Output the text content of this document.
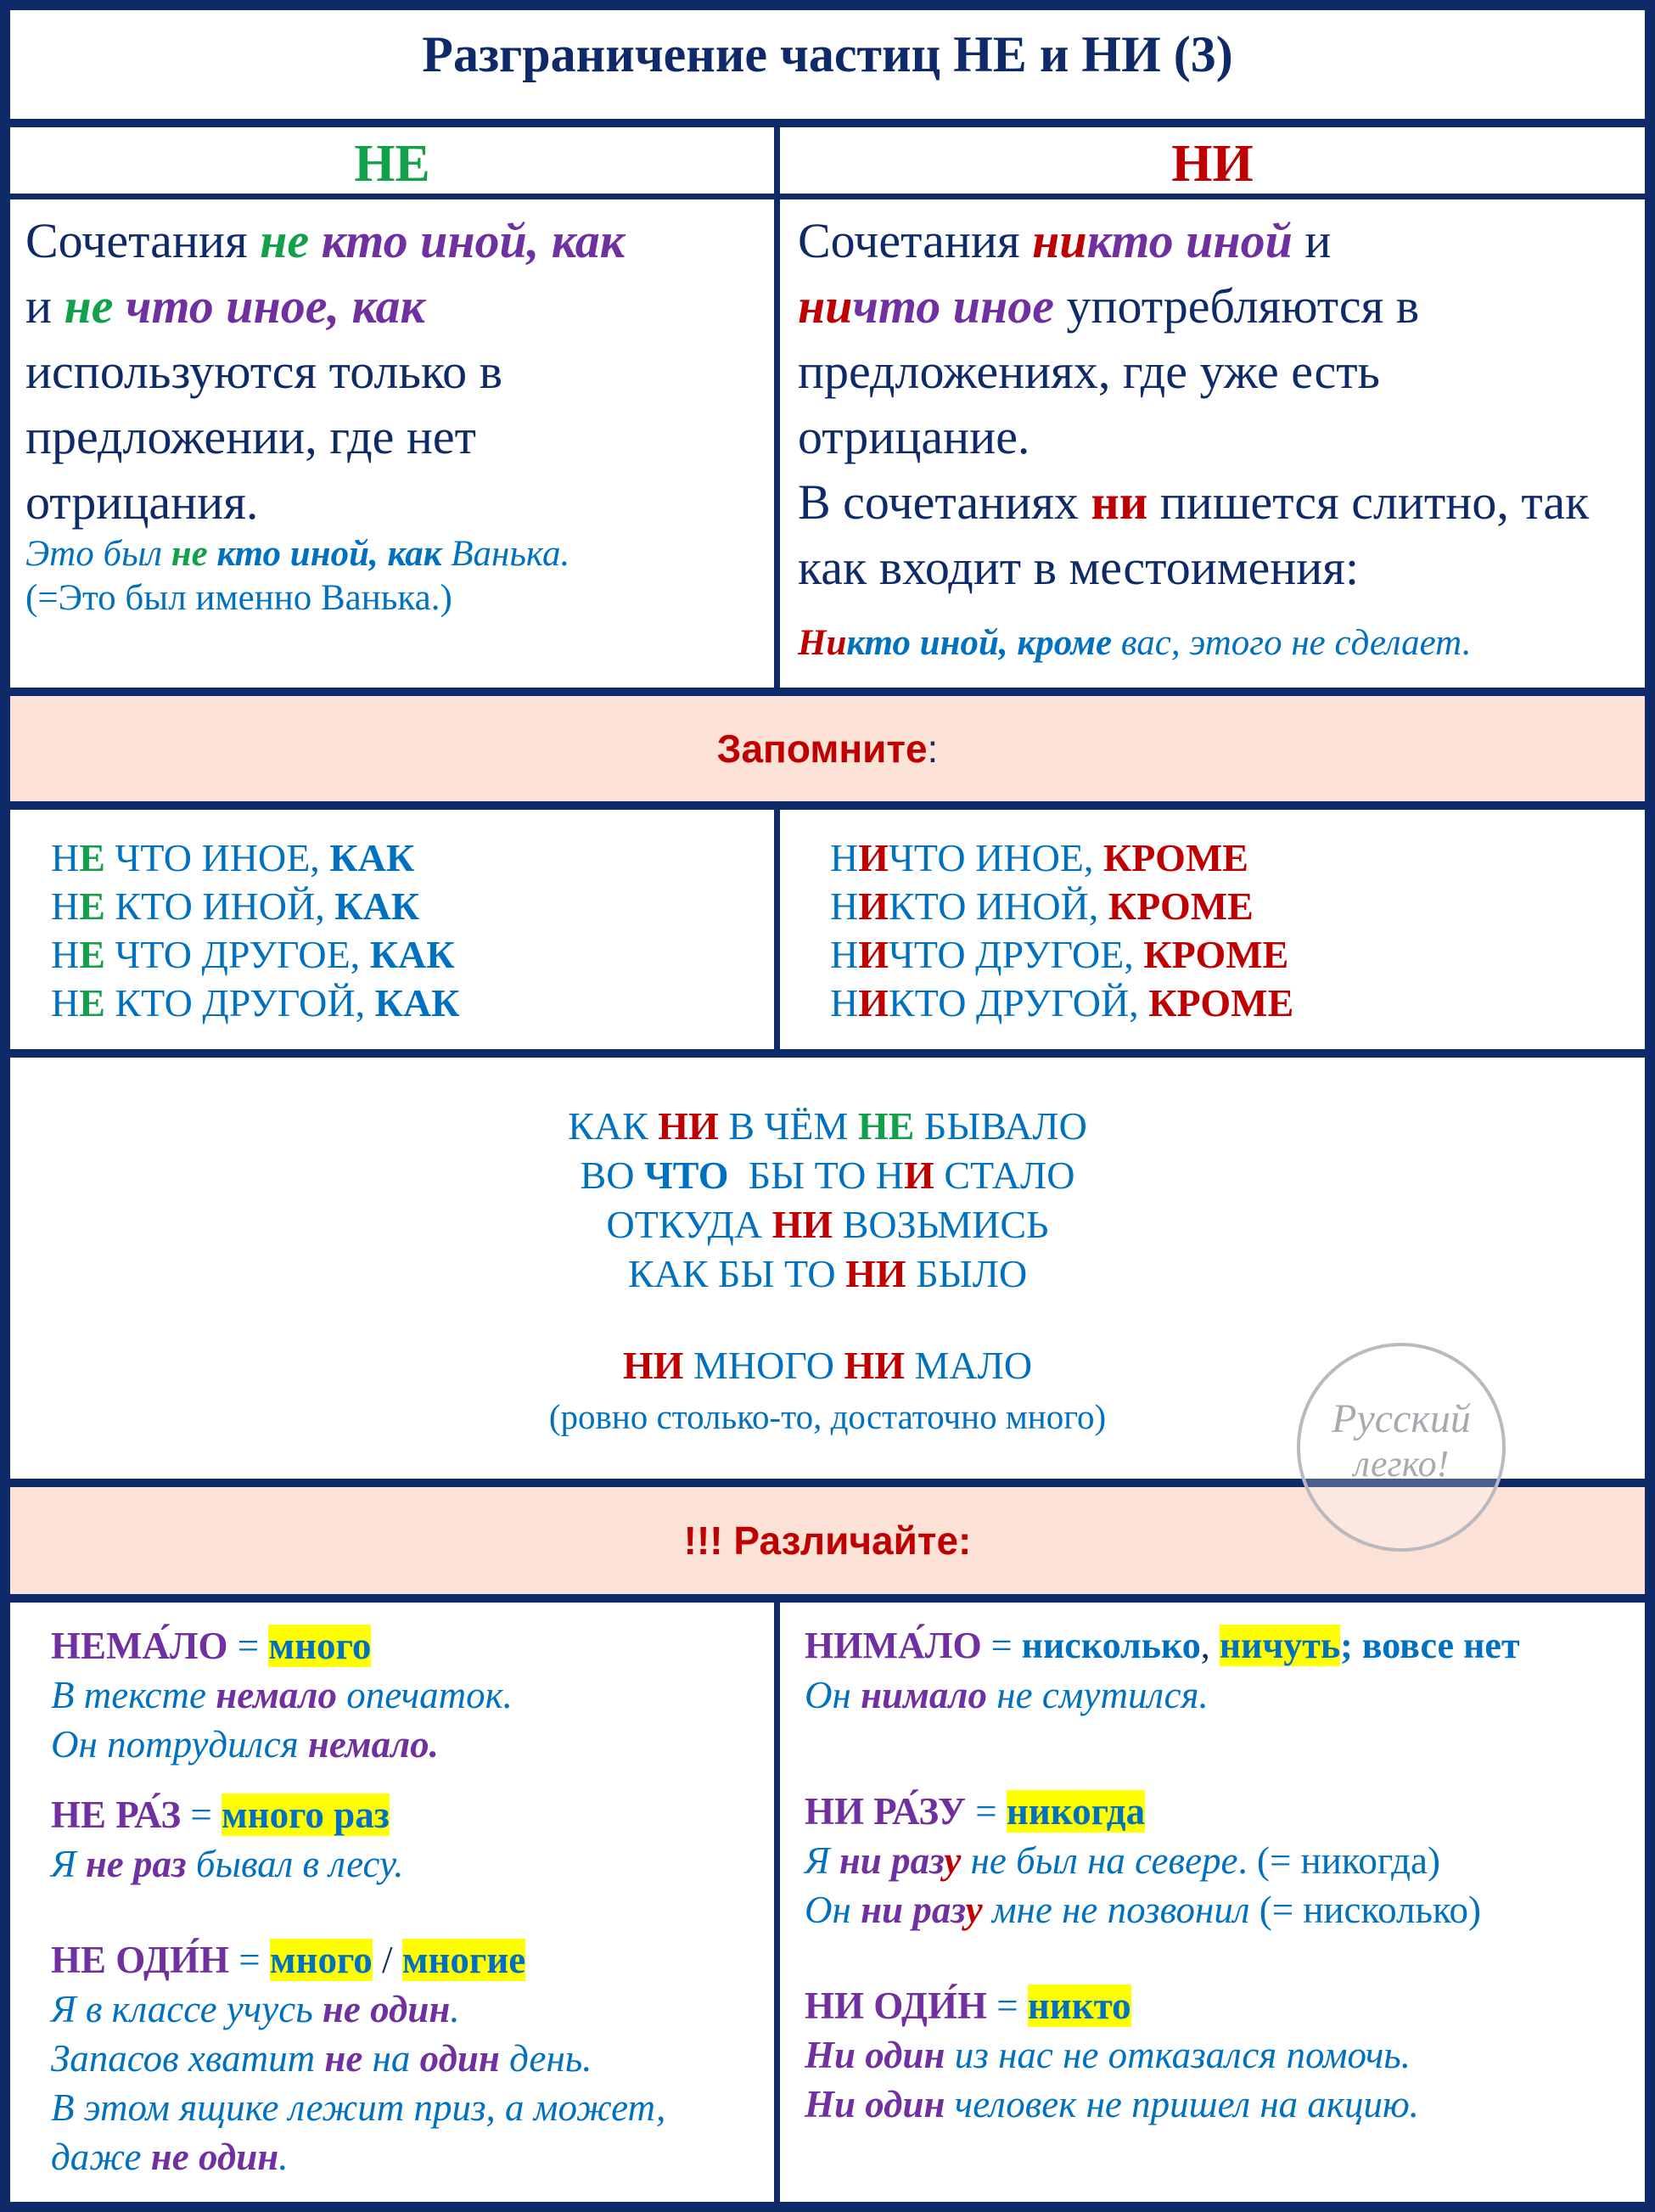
Разграничение частиц НЕ и НИ (3)
НЕ	НИ
Сочетания не кто иной, как
и не что иное, как
используются только в предложении, где нет отрицания.
Это был не кто иной, как Ванька.
(=Это был именно Ванька.)
Сочетания никто иной и
ничто иное употребляются в предложениях, где уже есть отрицание.
В сочетаниях ни пишется слитно, так как входит в местоимения:
Никто иной, кроме вас, этого не сделает.
Запомните:
НЕ ЧТО ИНОЕ, КАК
НЕ КТО ИНОЙ, КАК
НЕ ЧТО ДРУГОЕ, КАК
НЕ КТО ДРУГОЙ, КАК
НИЧТО ИНОЕ, КРОМЕ
НИКТО ИНОЙ, КРОМЕ
НИЧТО ДРУГОЕ, КРОМЕ
НИКТО ДРУГОЙ, КРОМЕ
КАК НИ В ЧЁМ НЕ БЫВАЛО
ВО ЧТО  БЫ ТО НИ СТАЛО
ОТКУДА НИ ВОЗЬМИСЬ
КАК БЫ ТО НИ БЫЛО
НИ МНОГО НИ МАЛО
(ровно столько-то, достаточно много)	Русский
легко!
!!! Различайте:
НЕМА́ЛО = много
В тексте немало опечаток.
Он потрудился немало.
НЕ РА́З = много раз
Я не раз бывал в лесу.
НЕ ОДИ́Н = много / многие
Я в классе учусь не один.
Запасов хватит не на один день.
В этом ящике лежит приз, а может,
даже не один.
НИМА́ЛО = нисколько, ничуть; вовсе нет
Он нимало не смутился.
НИ РА́ЗУ = никогда
Я ни разу не был на севере. (= никогда)
Он ни разу мне не позвонил (= нисколько)
НИ ОДИ́Н = никто
Ни один из нас не отказался помочь.
Ни один человек не пришел на акцию.
